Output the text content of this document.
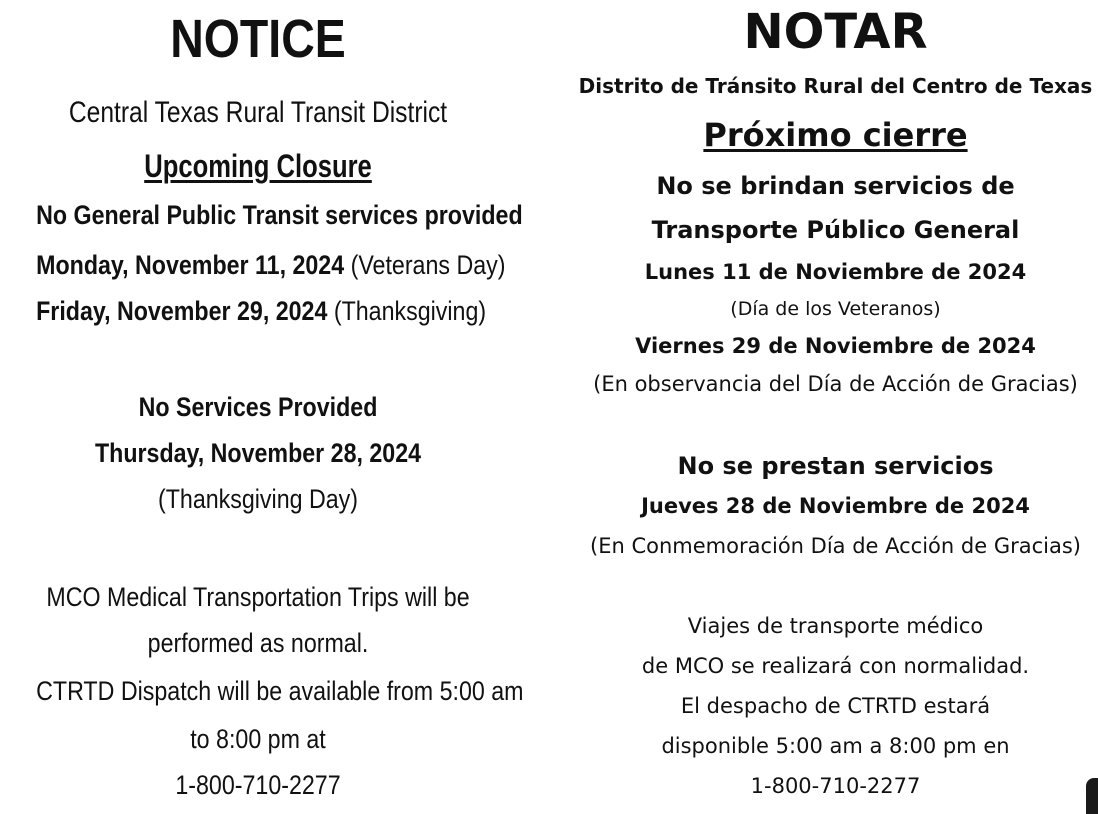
NOTICE
Central Texas Rural Transit District
Upcoming Closure
No General Public Transit services provided
Monday, November 11, 2024 (Veterans Day)
Friday, November 29, 2024 (Thanksgiving)
No Services Provided
Thursday, November 28, 2024
(Thanksgiving Day)
MCO Medical Transportation Trips will be
performed as normal.
CTRTD Dispatch will be available from 5:00 am
to 8:00 pm at
1-800-710-2277
NOTAR
Distrito de Tránsito Rural del Centro de Texas
Próximo cierre
No se brindan servicios de
Transporte Público General
Lunes 11 de Noviembre de 2024
(Día de los Veteranos)
Viernes 29 de Noviembre de 2024
(En observancia del Día de Acción de Gracias)
No se prestan servicios
Jueves 28 de Noviembre de 2024
(En Conmemoración Día de Acción de Gracias)
Viajes de transporte médico
de MCO se realizará con normalidad.
El despacho de CTRTD estará
disponible 5:00 am a 8:00 pm en
1-800-710-2277
